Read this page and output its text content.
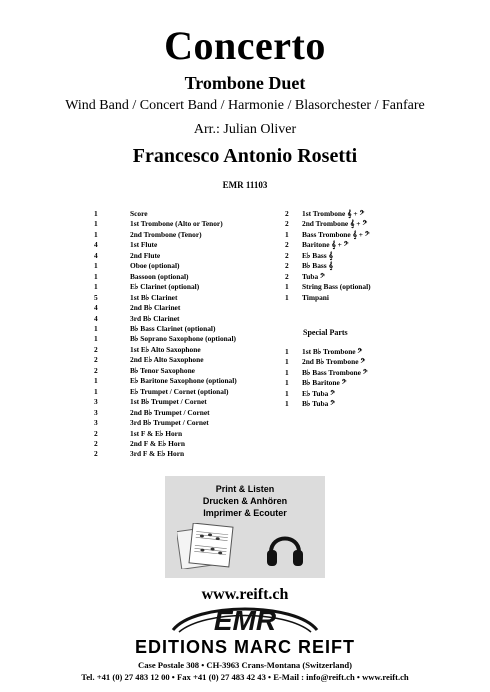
Concerto
Trombone Duet
Wind Band / Concert Band / Harmonie / Blasorchester / Fanfare
Arr.: Julian Oliver
Francesco Antonio Rosetti
EMR 11103
1	Score
1	1st Trombone (Alto or Tenor)
1	2nd Trombone (Tenor)
4	1st Flute
4	2nd Flute
1	Oboe (optional)
1	Bassoon (optional)
1	E♭ Clarinet (optional)
5	1st B♭ Clarinet
4	2nd B♭ Clarinet
4	3rd B♭ Clarinet
1	B♭ Bass Clarinet (optional)
1	B♭ Soprano Saxophone (optional)
2	1st E♭ Alto Saxophone
2	2nd E♭ Alto Saxophone
2	B♭ Tenor Saxophone
1	E♭ Baritone Saxophone (optional)
1	E♭ Trumpet / Cornet (optional)
3	1st B♭ Trumpet / Cornet
3	2nd B♭ Trumpet / Cornet
3	3rd B♭ Trumpet / Cornet
2	1st F & E♭ Horn
2	2nd F & E♭ Horn
2	3rd F & E♭ Horn
2	1st Trombone 𝄞 + 𝄢
2	2nd Trombone 𝄞 + 𝄢
1	Bass Trombone 𝄞 + 𝄢
2	Baritone 𝄞 + 𝄢
2	E♭ Bass 𝄞
2	B♭ Bass 𝄞
2	Tuba 𝄢
1	String Bass (optional)
1	Timpani
Special Parts
1	1st B♭ Trombone 𝄢
1	2nd B♭ Trombone 𝄢
1	B♭ Bass Trombone 𝄢
1	B♭ Baritone 𝄢
1	E♭ Tuba 𝄢
1	B♭ Tuba 𝄢
Print & Listen
Drucken & Anhören
Imprimer & Ecouter
www.reift.ch
EMR
EDITIONS MARC REIFT
Case Postale 308 • CH-3963 Crans-Montana (Switzerland)
Tel. +41 (0) 27 483 12 00 • Fax +41 (0) 27 483 42 43 • E-Mail : info@reift.ch • www.reift.ch
